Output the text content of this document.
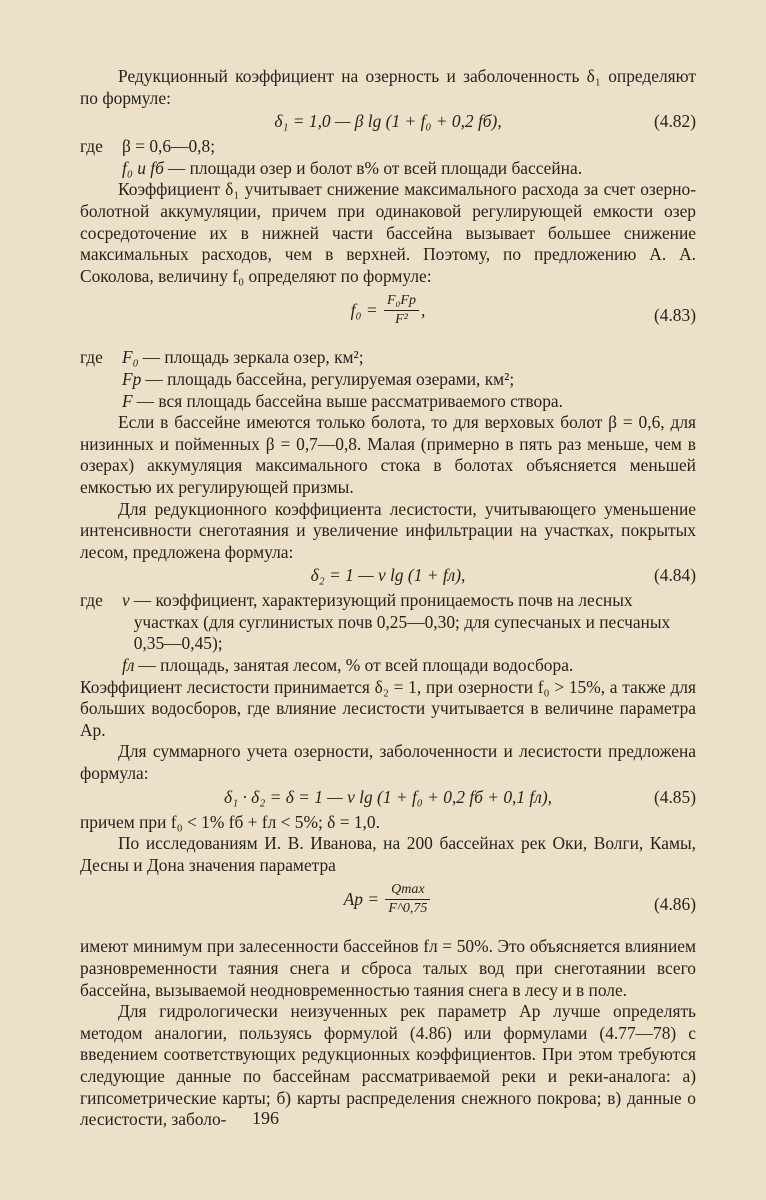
Редукционный коэффициент на озерность и заболоченность δ₁ определяют по формуле:

δ₁ = 1,0 — β lg (1 + f₀ + 0,2 fб),	(4.82)
где	β = 0,6—0,8;
f₀ и fб — площади озер и болот в% от всей площади бассейна.

Коэффициент δ₁ учитывает снижение максимального расхода за счет озерно-болотной аккумуляции, причем при одинаковой регулирующей емкости озер сосредоточение их в нижней части бассейна вызывает большее снижение максимальных расходов, чем в верхней. Поэтому, по предложению А. А. Соколова, величину f₀ определяют по формуле:

$f_0 = \frac{\text{F₀Fр}}{\text{F²}}$ ,	(4.83)
где	F₀ — площадь зеркала озер, км²;
Fр — площадь бассейна, регулируемая озерами, км²;
F — вся площадь бассейна выше рассматриваемого створа.

Если в бассейне имеются только болота, то для верховых болот β = 0,6, для низинных и пойменных β = 0,7—0,8. Малая (примерно в пять раз меньше, чем в озерах) аккумуляция максимального стока в болотах объясняется меньшей емкостью их регулирующей призмы.

Для редукционного коэффициента лесистости, учитывающего уменьшение интенсивности снеготаяния и увеличение инфильтрации на участках, покрытых лесом, предложена формула:

δ₂ = 1 — ν lg (1 + fл),	(4.84)
где	ν — коэффициент, характеризующий проницаемость почв на лесных участках (для суглинистых почв 0,25—0,30; для супесчаных и песчаных 0,35—0,45);
fл — площадь, занятая лесом, % от всей площади водосбора.

Коэффициент лесистости принимается δ₂ = 1, при озерности f₀ > 15%, а также для больших водосборов, где влияние лесистости учитывается в величине параметра Aр.

Для суммарного учета озерности, заболоченности и лесистости предложена формула:

δ₁ · δ₂ = δ = 1 — ν lg (1 + f₀ + 0,2 fб + 0,1 fл),	(4.85)

причем при f₀ < 1% fб + fл < 5%; δ = 1,0.

По исследованиям И. В. Иванова, на 200 бассейнах рек Оки, Волги, Камы, Десны и Дона значения параметра

Aр = $\frac{Qmax}{F\^{}0,75}$	(4.86)

имеют минимум при залесенности бассейнов fл = 50%. Это объясняется влиянием разновременности таяния снега и сброса талых вод при снеготаянии всего бассейна, вызываемой неодновременностью таяния снега в лесу и в поле.

Для гидрологически неизученных рек параметр Aр лучше определять методом аналогии, пользуясь формулой (4.86) или формулами (4.77—78) с введением соответствующих редукционных коэффициентов. При этом требуются следующие данные по бассейнам рассматриваемой реки и реки-аналога: а) гипсометрические карты; б) карты распределения снежного покрова; в) данные о лесистости, заболо-	196
